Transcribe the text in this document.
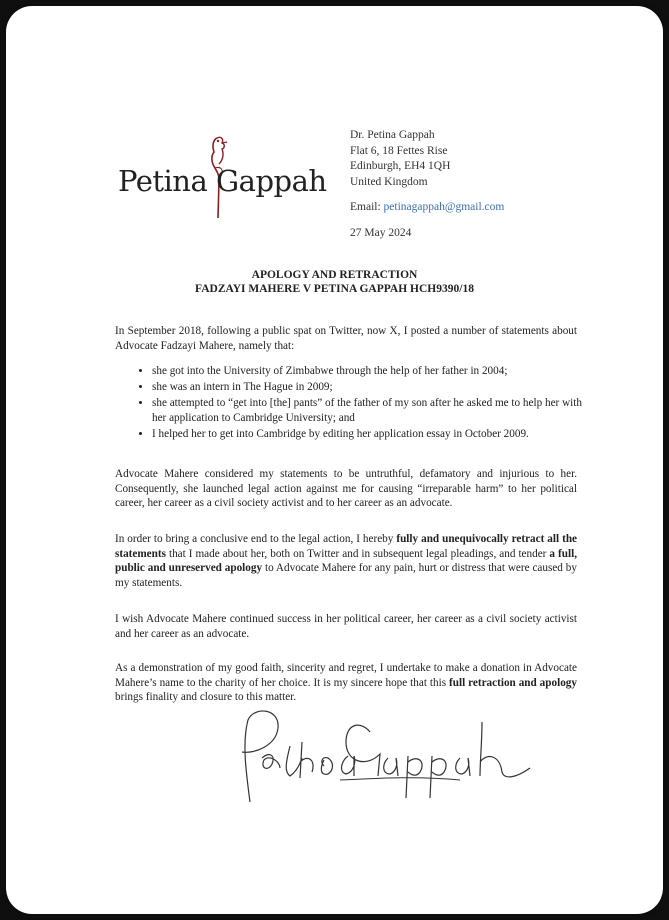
Petina Gappah
Dr. Petina Gappah
Flat 6, 18 Fettes Rise
Edinburgh, EH4 1QH
United Kingdom
Email: petinagappah@gmail.com
27 May 2024
APOLOGY AND RETRACTION
FADZAYI MAHERE V PETINA GAPPAH HCH9390/18

In September 2018, following a public spat on Twitter, now X, I posted a number of statements about Advocate Fadzayi Mahere, namely that:

• she got into the University of Zimbabwe through the help of her father in 2004;
• she was an intern in The Hague in 2009;
• she attempted to “get into [the] pants” of the father of my son after he asked me to help her with her application to Cambridge University; and
• I helped her to get into Cambridge by editing her application essay in October 2009.

Advocate Mahere considered my statements to be untruthful, defamatory and injurious to her. Consequently, she launched legal action against me for causing “irreparable harm” to her political career, her career as a civil society activist and to her career as an advocate.

In order to bring a conclusive end to the legal action, I hereby fully and unequivocally retract all the statements that I made about her, both on Twitter and in subsequent legal pleadings, and tender a full, public and unreserved apology to Advocate Mahere for any pain, hurt or distress that were caused by my statements.

I wish Advocate Mahere continued success in her political career, her career as a civil society activist and her career as an advocate.

As a demonstration of my good faith, sincerity and regret, I undertake to make a donation in Advocate Mahere’s name to the charity of her choice. It is my sincere hope that this full retraction and apology brings finality and closure to this matter.
